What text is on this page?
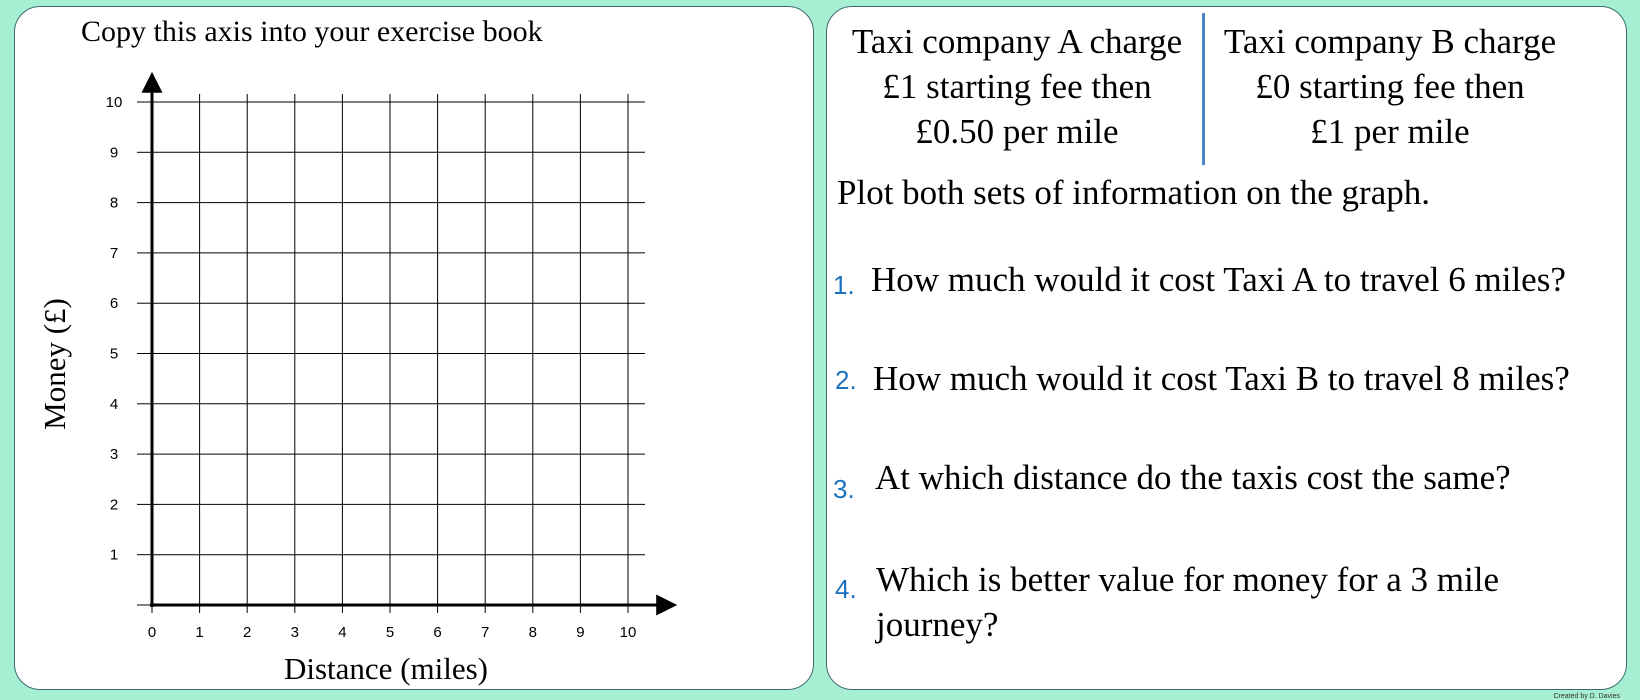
Copy this axis into your exercise book
0	1	2	3	4	5	6	7	8	9 10
1
2
3
4
5
6
7
8
9
10
Distance (miles)
Money (£)
Taxi company A charge
£1 starting fee then
£0.50 per mile
Taxi company B charge
£0 starting fee then
£1 per mile
Plot both sets of information on the graph.
1. How much would it cost Taxi A to travel 6 miles?
2. How much would it cost Taxi B to travel 8 miles?
3. At which distance do the taxis cost the same?
4. Which is better value for money for a 3 mile journey?
Created by D. Davies
